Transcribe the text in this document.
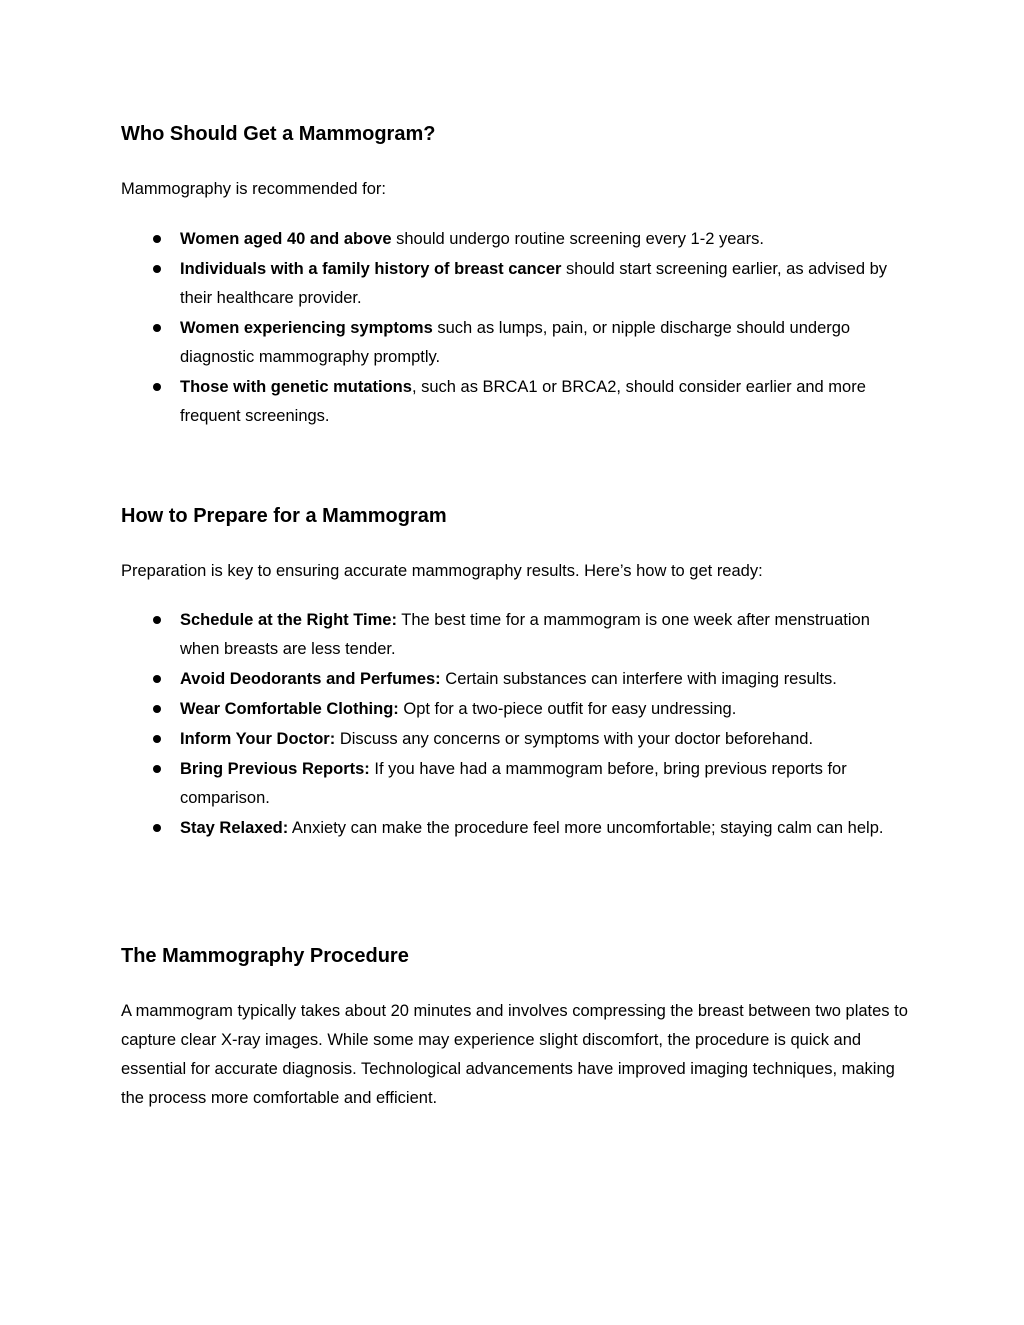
Who Should Get a Mammogram?

Mammography is recommended for:

Women aged 40 and above should undergo routine screening every 1-2 years.
Individuals with a family history of breast cancer should start screening earlier, as advised by their healthcare provider.
Women experiencing symptoms such as lumps, pain, or nipple discharge should undergo diagnostic mammography promptly.
Those with genetic mutations, such as BRCA1 or BRCA2, should consider earlier and more frequent screenings.
How to Prepare for a Mammogram

Preparation is key to ensuring accurate mammography results. Here’s how to get ready:

Schedule at the Right Time: The best time for a mammogram is one week after menstruation when breasts are less tender.
Avoid Deodorants and Perfumes: Certain substances can interfere with imaging results.
Wear Comfortable Clothing: Opt for a two-piece outfit for easy undressing.
Inform Your Doctor: Discuss any concerns or symptoms with your doctor beforehand.
Bring Previous Reports: If you have had a mammogram before, bring previous reports for comparison.
Stay Relaxed: Anxiety can make the procedure feel more uncomfortable; staying calm can help.
The Mammography Procedure

A mammogram typically takes about 20 minutes and involves compressing the breast between two plates to capture clear X-ray images. While some may experience slight discomfort, the procedure is quick and essential for accurate diagnosis. Technological advancements have improved imaging techniques, making the process more comfortable and efficient.
